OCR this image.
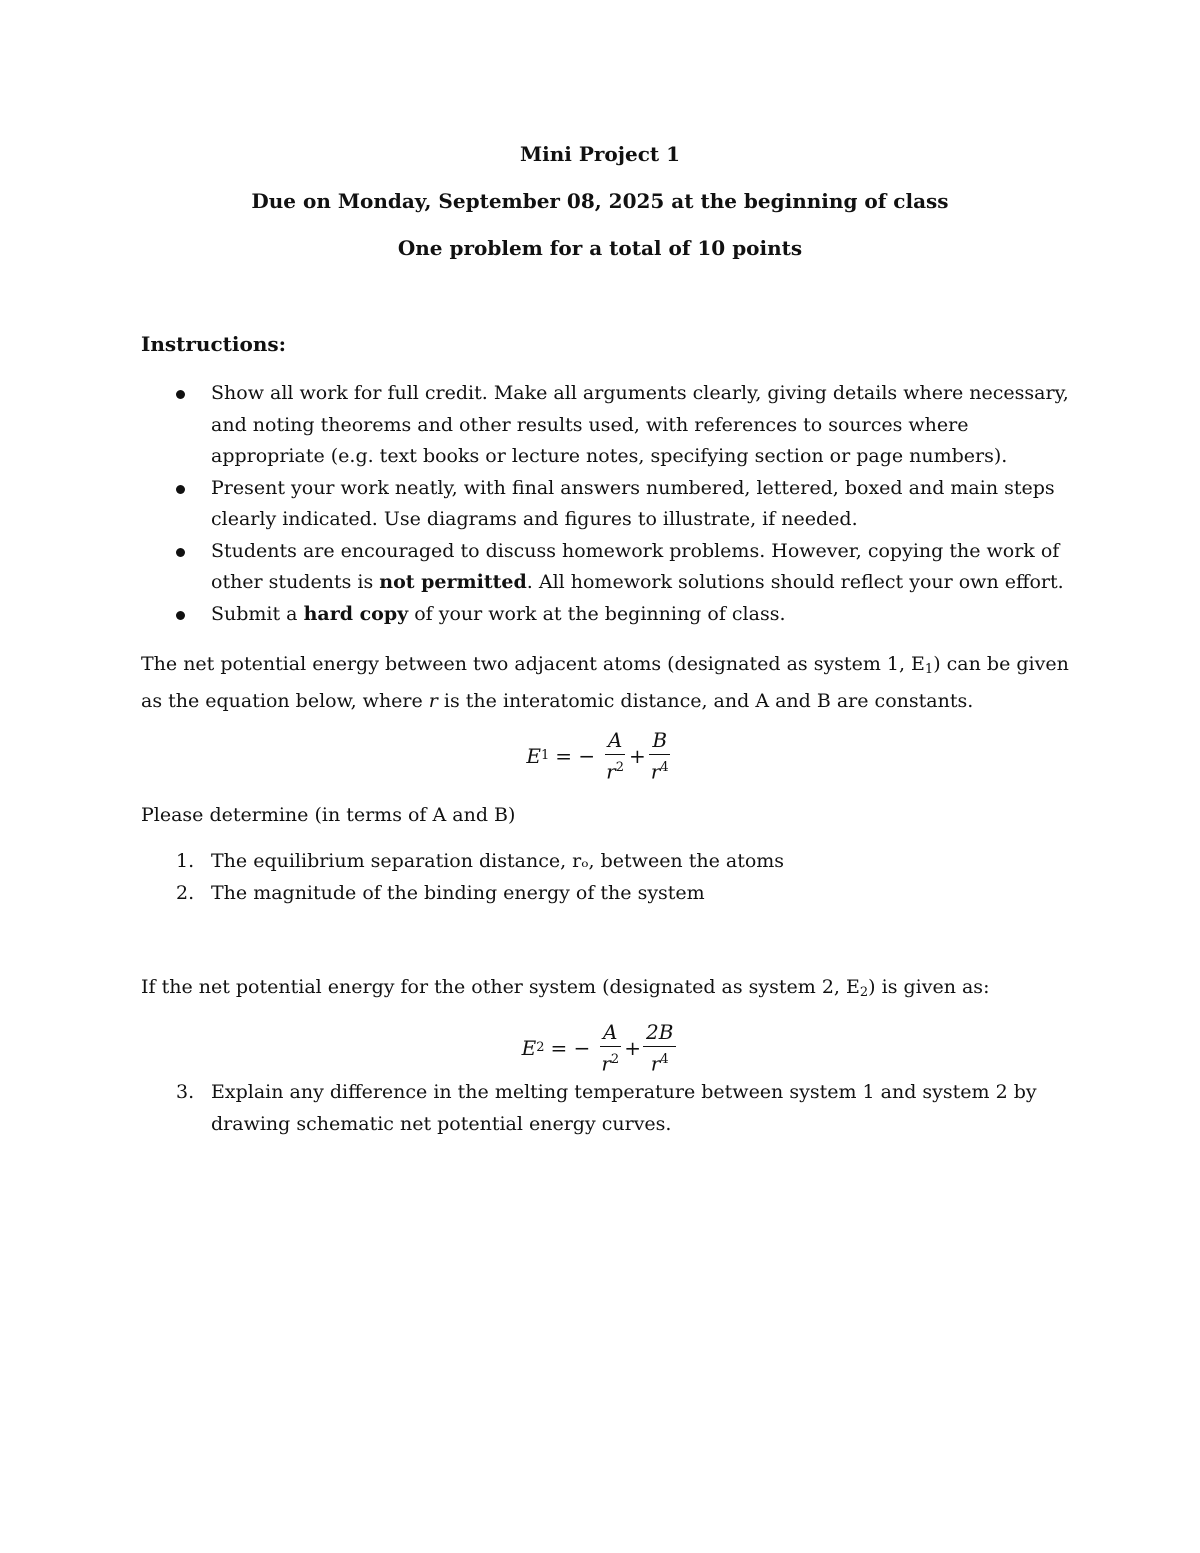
Mini Project 1
Due on Monday, September 08, 2025 at the beginning of class
One problem for a total of 10 points
Instructions:
Show all work for full credit. Make all arguments clearly, giving details where necessary, and noting theorems and other results used, with references to sources where appropriate (e.g. text books or lecture notes, specifying section or page numbers).
Present your work neatly, with final answers numbered, lettered, boxed and main steps clearly indicated. Use diagrams and figures to illustrate, if needed.
Students are encouraged to discuss homework problems. However, copying the work of other students is not permitted. All homework solutions should reflect your own effort.
Submit a hard copy of your work at the beginning of class.

The net potential energy between two adjacent atoms (designated as system 1, E1) can be given as the equation below, where r is the interatomic distance, and A and B are constants.

E 1 = − $\frac{A}{r^2} + \frac{B}{r^4}$

Please determine (in terms of A and B)

1. The equilibrium separation distance, rₒ, between the atoms
2. The magnitude of the binding energy of the system

If the net potential energy for the other system (designated as system 2, E2) is given as:

E 2 = − $\frac{A}{r^2} + \frac{2B}{r^4}$
3. Explain any difference in the melting temperature between system 1 and system 2 by drawing schematic net potential energy curves.
